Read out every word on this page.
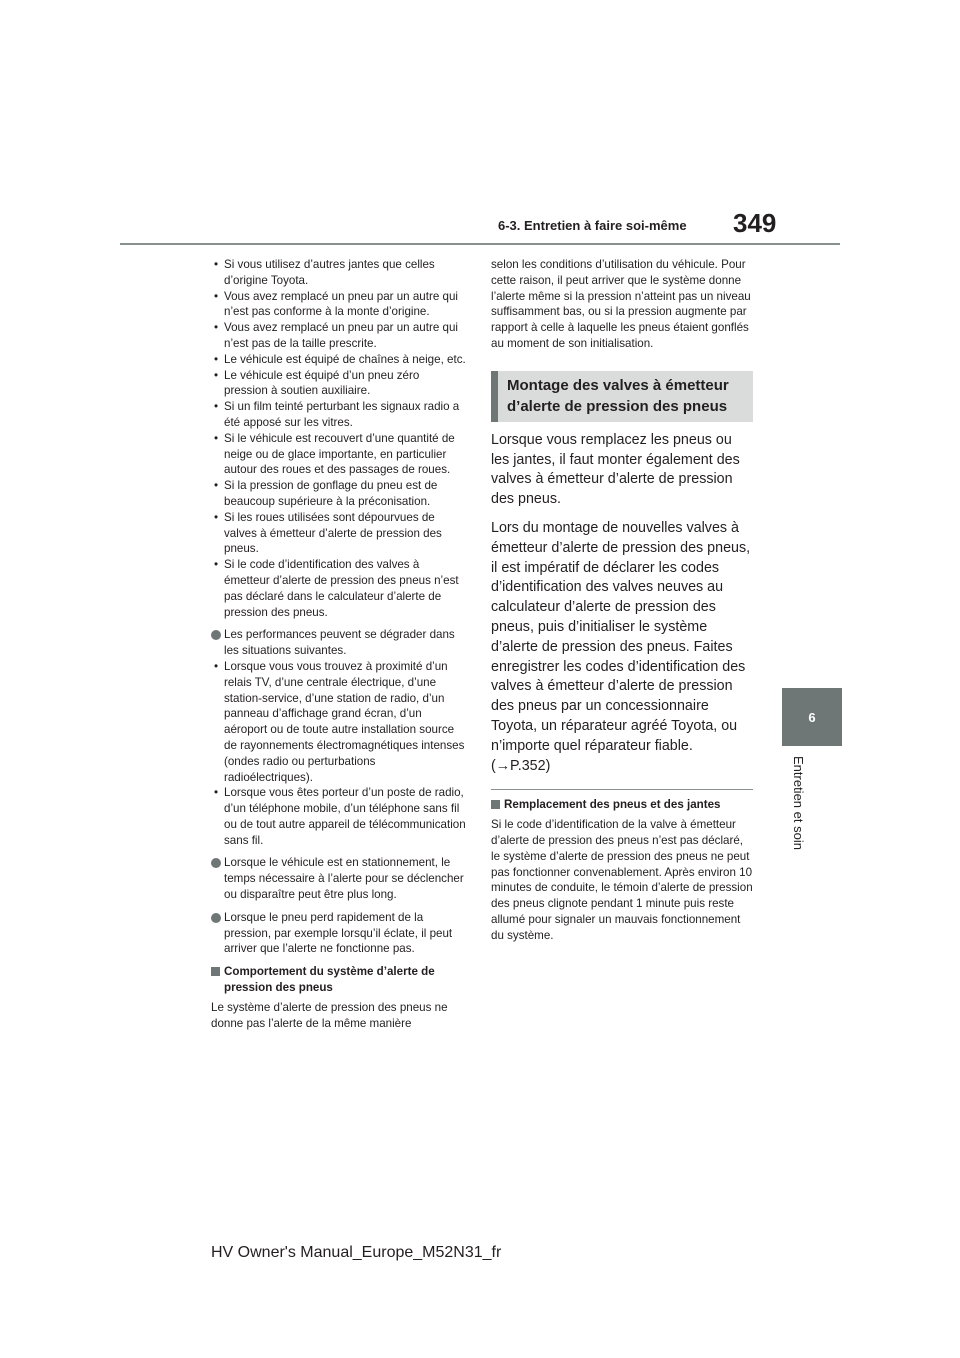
6-3. Entretien à faire soi-même 349
6
Entretien et soin
• Si vous utilisez d’autres jantes que celles d’origine Toyota.
• Vous avez remplacé un pneu par un autre qui n’est pas conforme à la monte d’origine.
• Vous avez remplacé un pneu par un autre qui n’est pas de la taille prescrite.
• Le véhicule est équipé de chaînes à neige, etc.
• Le véhicule est équipé d’un pneu zéro pression à soutien auxiliaire.
• Si un film teinté perturbant les signaux radio a été apposé sur les vitres.
• Si le véhicule est recouvert d’une quantité de neige ou de glace importante, en particulier autour des roues et des passages de roues.
• Si la pression de gonflage du pneu est de beaucoup supérieure à la préconisation.
• Si les roues utilisées sont dépourvues de valves à émetteur d’alerte de pression des pneus.
• Si le code d’identification des valves à émetteur d’alerte de pression des pneus n’est pas déclaré dans le calculateur d’alerte de pression des pneus.
Les performances peuvent se dégrader dans les situations suivantes.
• Lorsque vous vous trouvez à proximité d’un relais TV, d’une centrale électrique, d’une station-service, d’une station de radio, d’un panneau d’affichage grand écran, d’un aéroport ou de toute autre installation source de rayonnements électromagnétiques intenses (ondes radio ou perturbations radioélectriques).
• Lorsque vous êtes porteur d’un poste de radio, d’un téléphone mobile, d’un téléphone sans fil ou de tout autre appareil de télécommunication sans fil.
Lorsque le véhicule est en stationnement, le temps nécessaire à l’alerte pour se déclencher ou disparaître peut être plus long.
Lorsque le pneu perd rapidement de la pression, par exemple lorsqu’il éclate, il peut arriver que l’alerte ne fonctionne pas.
Comportement du système d’alerte de pression des pneus
Le système d’alerte de pression des pneus ne donne pas l’alerte de la même manière
selon les conditions d’utilisation du véhicule. Pour cette raison, il peut arriver que le système donne l’alerte même si la pression n’atteint pas un niveau suffisamment bas, ou si la pression augmente par rapport à celle à laquelle les pneus étaient gonflés au moment de son initialisation.
Montage des valves à émetteur d’alerte de pression des pneus
Lorsque vous remplacez les pneus ou les jantes, il faut monter également des valves à émetteur d’alerte de pression des pneus.
Lors du montage de nouvelles valves à émetteur d’alerte de pression des pneus, il est impératif de déclarer les codes d’identification des valves neuves au calculateur d’alerte de pression des pneus, puis d’initialiser le système d’alerte de pression des pneus. Faites enregistrer les codes d’identification des valves à émetteur d’alerte de pression des pneus par un concessionnaire Toyota, un réparateur agréé Toyota, ou n’importe quel réparateur fiable. (→P.352)
Remplacement des pneus et des jantes
Si le code d’identification de la valve à émetteur d’alerte de pression des pneus n’est pas déclaré, le système d’alerte de pression des pneus ne peut pas fonctionner convenablement. Après environ 10 minutes de conduite, le témoin d’alerte de pression des pneus clignote pendant 1 minute puis reste allumé pour signaler un mauvais fonctionnement du système.
HV Owner's Manual_Europe_M52N31_fr
